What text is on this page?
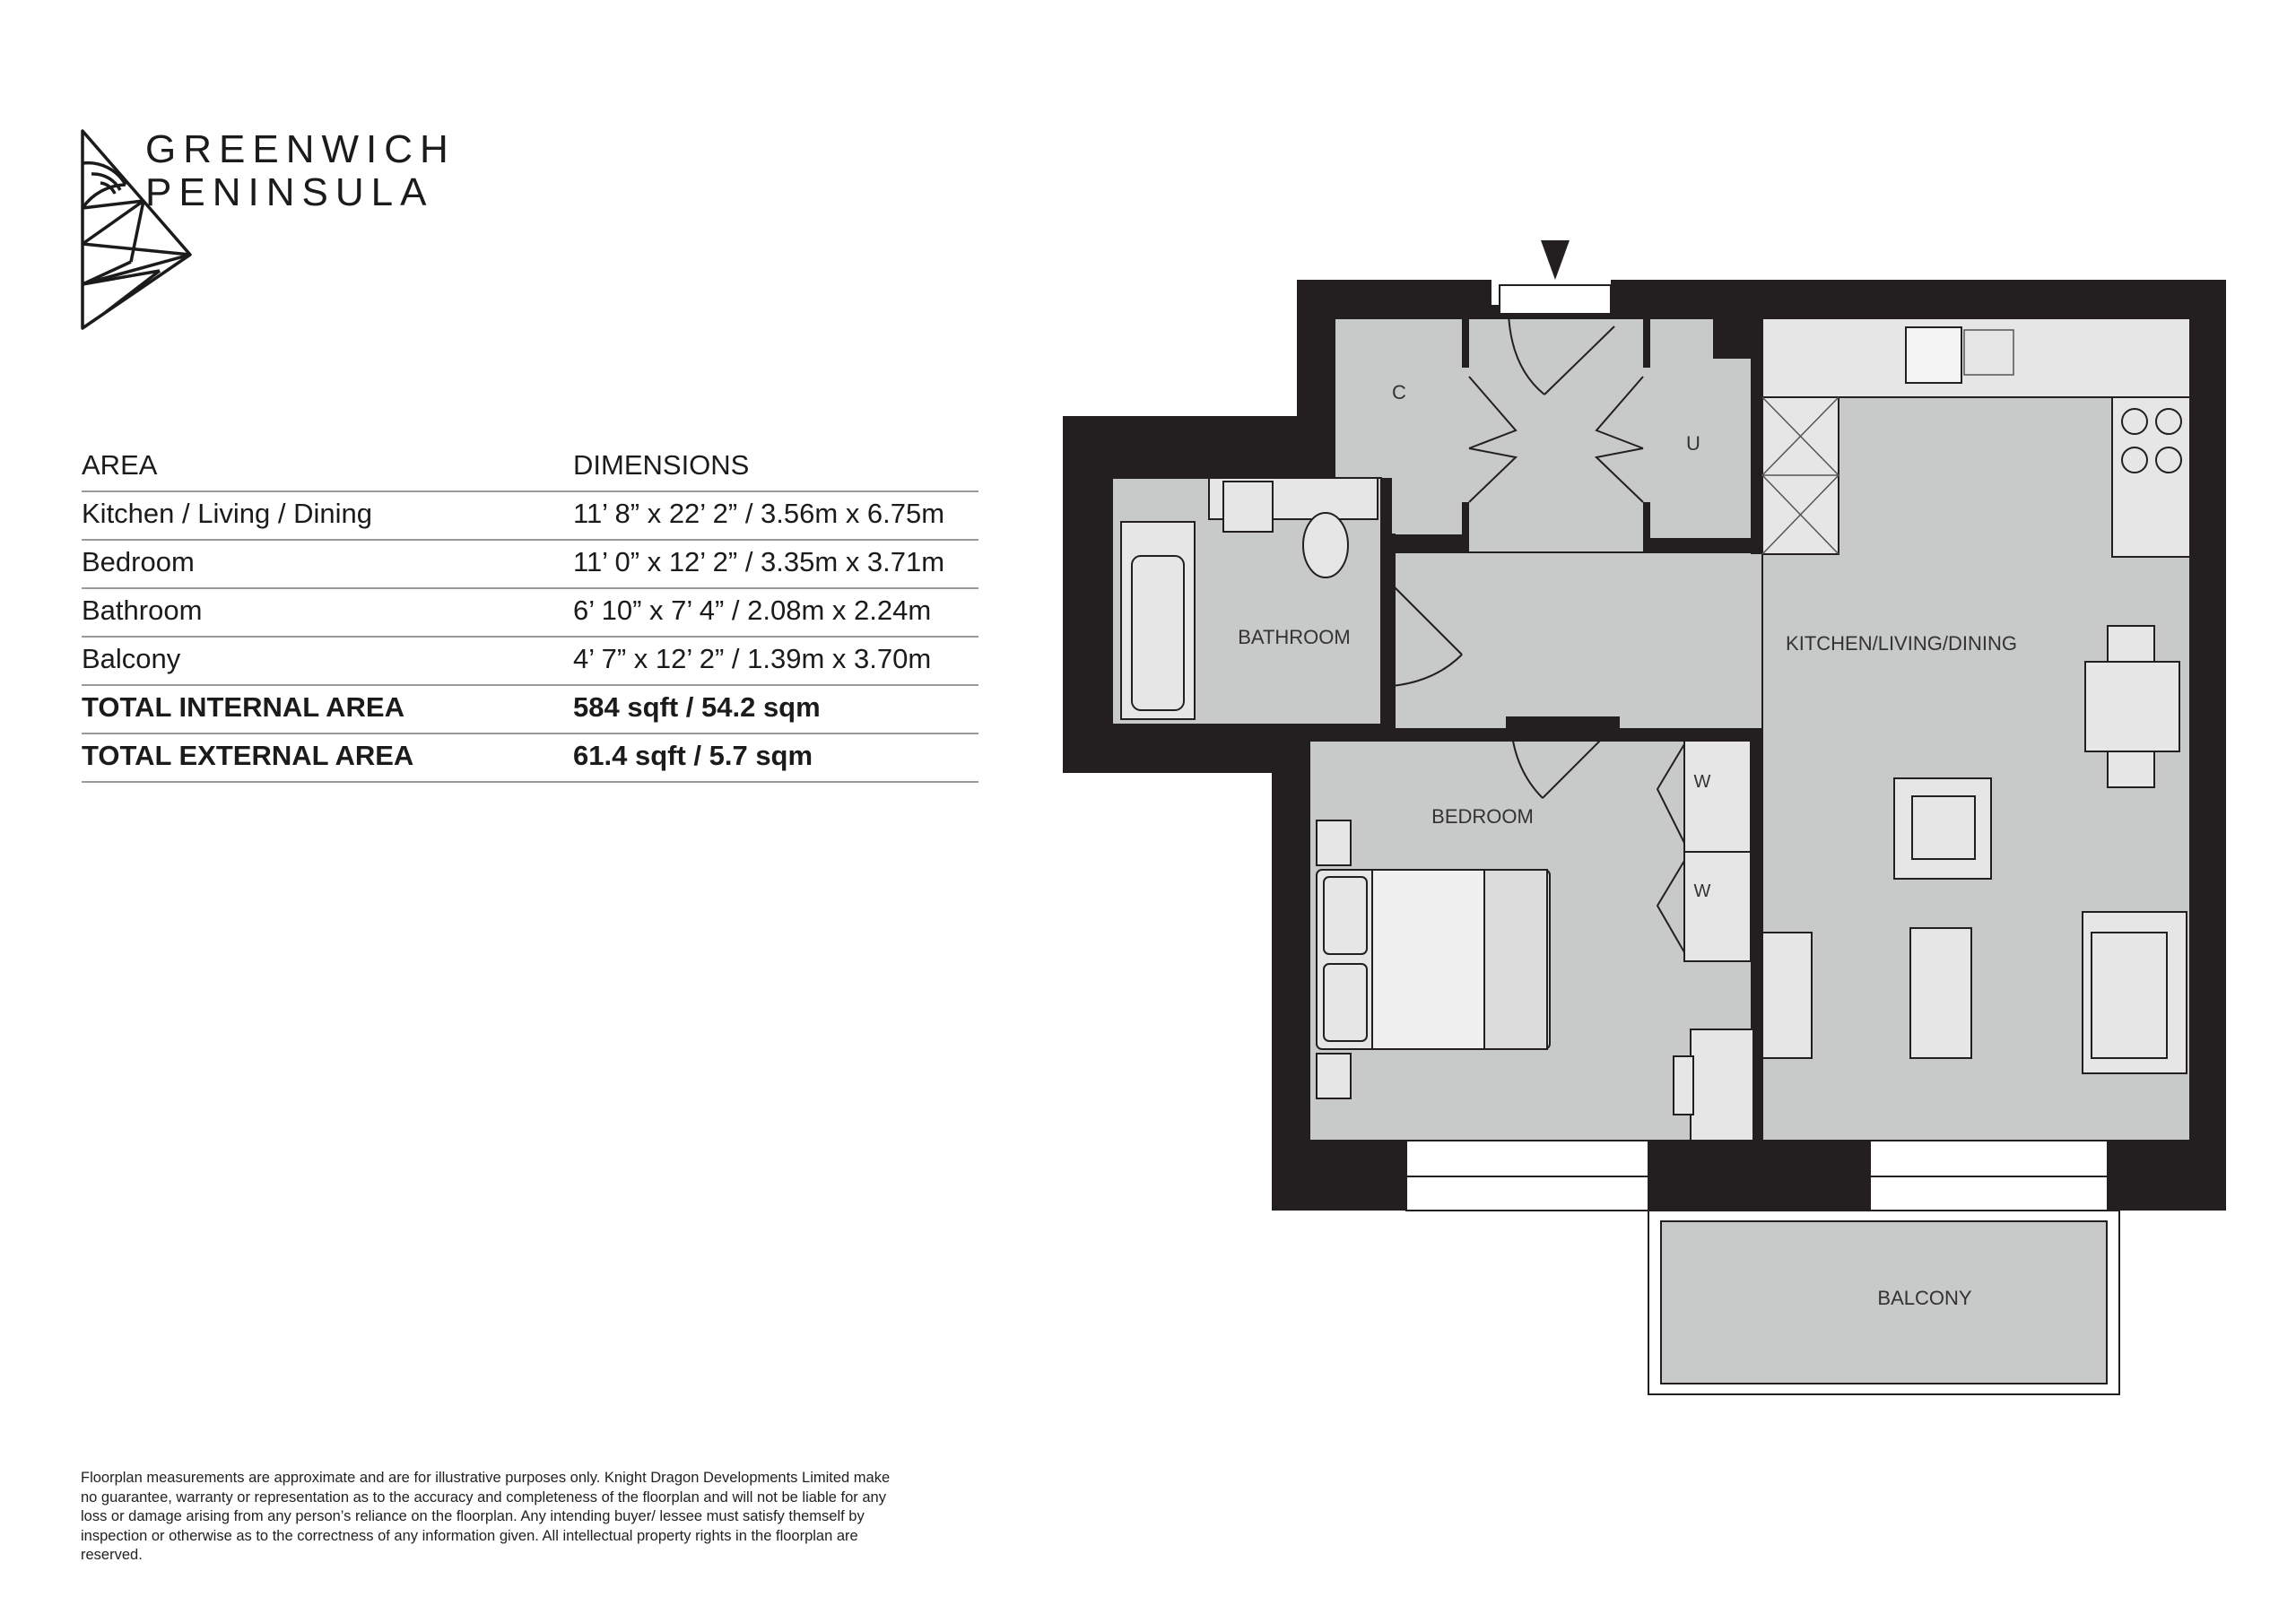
GREENWICH
PENINSULA
AREA	DIMENSIONS
Kitchen / Living / Dining	11’ 8” x 22’ 2” / 3.56m x 6.75m
Bedroom	11’ 0” x 12’ 2” / 3.35m x 3.71m
Bathroom	6’ 10” x 7’ 4” / 2.08m x 2.24m
Balcony	4’ 7” x 12’ 2” / 1.39m x 3.70m
TOTAL INTERNAL AREA	584 sqft / 54.2 sqm
TOTAL EXTERNAL AREA	61.4 sqft / 5.7 sqm
KITCHEN/LIVING/DINING
BATHROOM
BEDROOM
BALCONY
C
U
W
W
Floorplan measurements are approximate and are for illustrative purposes only. Knight Dragon Developments Limited make no guarantee, warranty or representation as to the accuracy and completeness of the floorplan and will not be liable for any loss or damage arising from any person’s reliance on the floorplan. Any intending buyer/ lessee must satisfy themself by inspection or otherwise as to the correctness of any information given. All intellectual property rights in the floorplan are reserved.
